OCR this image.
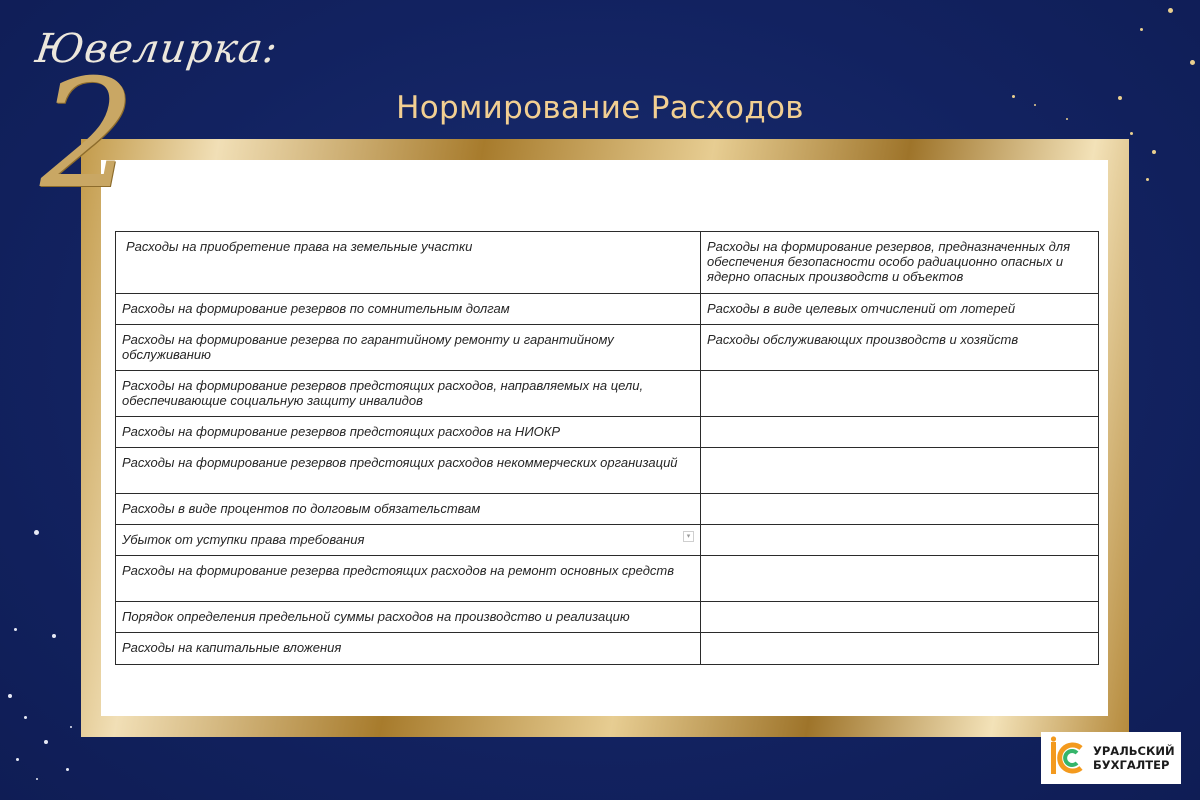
Ювелирка:
2	Нормирование Расходов
Расходы на приобретение права на земельные участки	Расходы на формирование резервов, предназначенных для обеспечения безопасности особо радиационно опасных и ядерно опасных производств и объектов
Расходы на формирование резервов по сомнительным долгам	Расходы в виде целевых отчислений от лотерей
Расходы на формирование резерва по гарантийному ремонту и гарантийному обслуживанию	Расходы обслуживающих производств и хозяйств
Расходы на формирование резервов предстоящих расходов, направляемых на цели, обеспечивающие социальную защиту инвалидов	
Расходы на формирование резервов предстоящих расходов на НИОКР	
Расходы на формирование резервов предстоящих расходов некоммерческих организаций	
Расходы в виде процентов по долговым обязательствам	

▾
Убыток от уступки права требования	
Расходы на формирование резерва предстоящих расходов на ремонт основных средств	
Порядок определения предельной суммы расходов на производство и реализацию	
Расходы на капитальные вложения	
УРАЛЬСКИЙ
БУХГАЛТЕР
